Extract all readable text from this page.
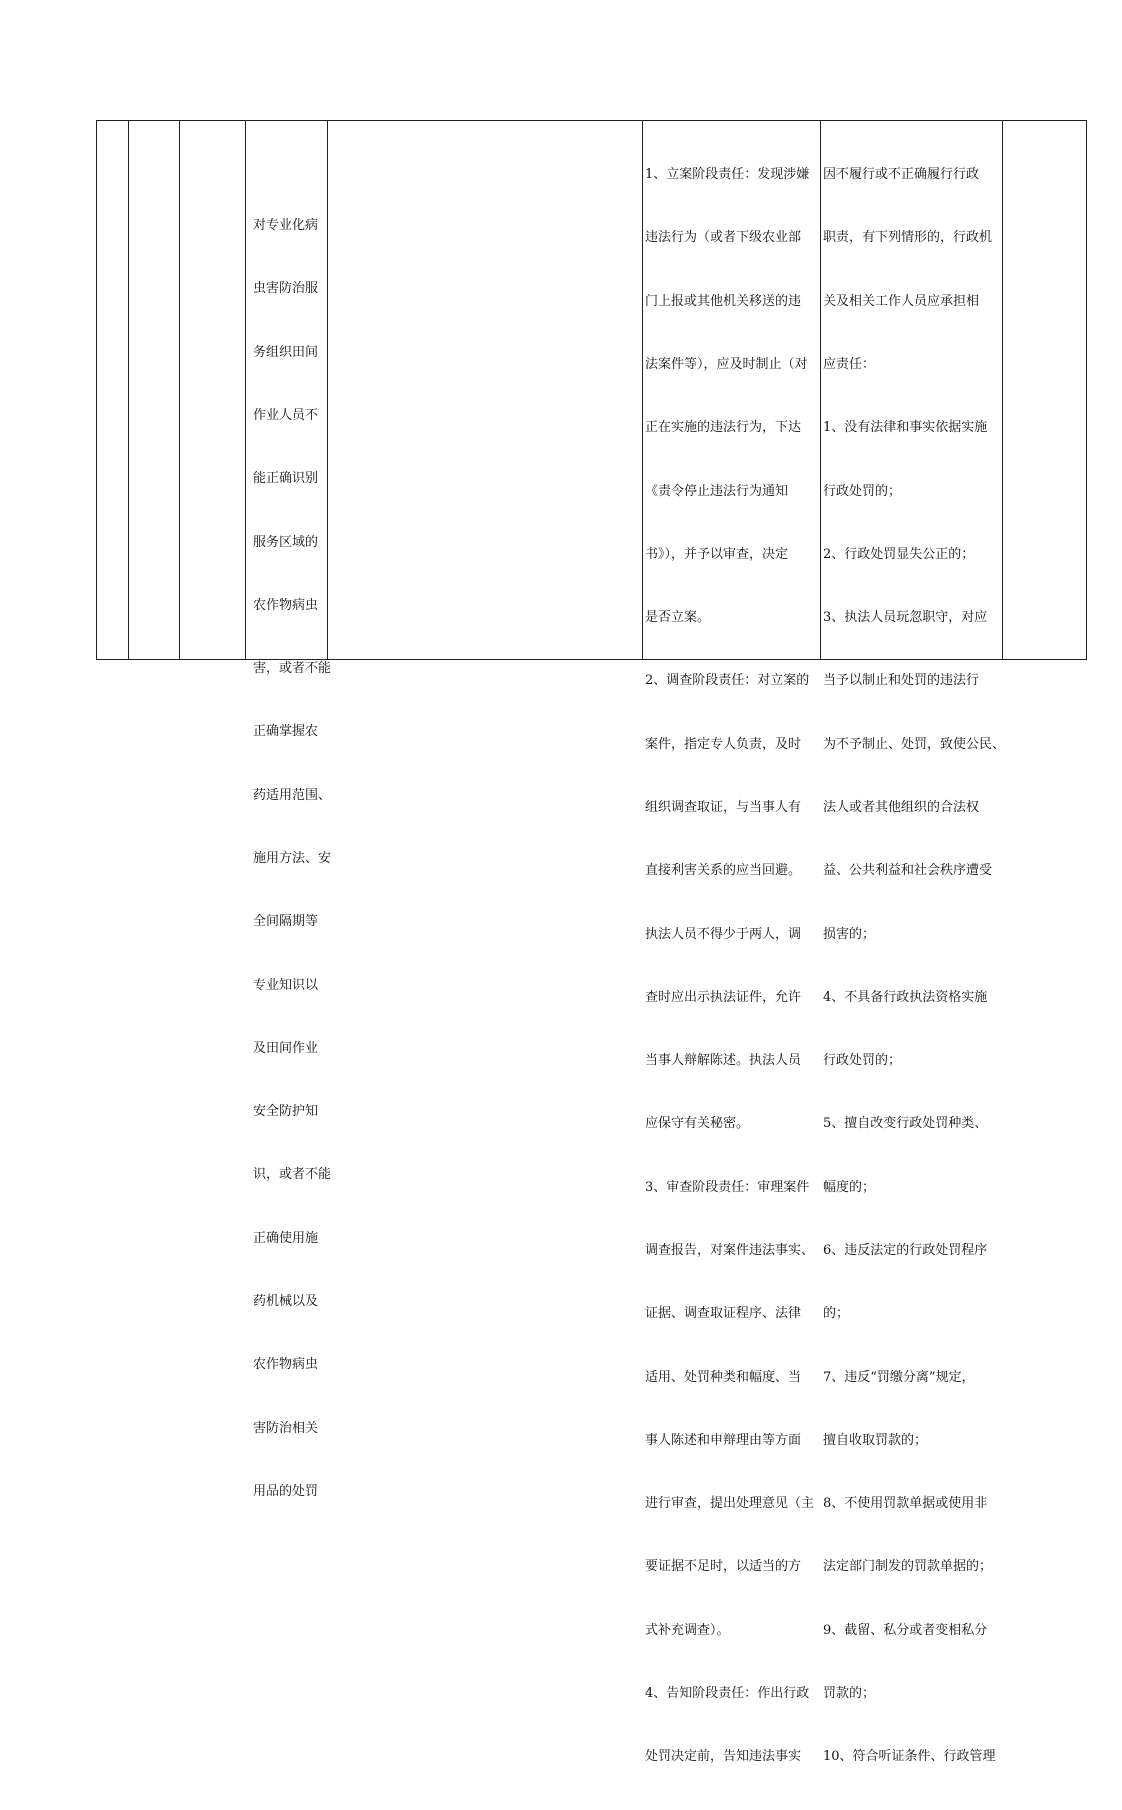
对专业化病

虫害防治服

务组织田间

作业人员不

能正确识别

服务区域的

农作物病虫

害，或者不能

正确掌握农

药适用范围、

施用方法、安

全间隔期等

专业知识以

及田间作业

安全防护知

识，或者不能

正确使用施

药机械以及

农作物病虫

害防治相关

用品的处罚

1、立案阶段责任：发现涉嫌

违法行为（或者下级农业部

门上报或其他机关移送的违

法案件等），应及时制止（对

正在实施的违法行为，下达

《责令停止违法行为通知

书》），并予以审查，决定

是否立案。

2、调查阶段责任：对立案的

案件，指定专人负责，及时

组织调查取证，与当事人有

直接利害关系的应当回避。

执法人员不得少于两人，调

查时应出示执法证件，允许

当事人辩解陈述。执法人员

应保守有关秘密。

3、审查阶段责任：审理案件

调查报告，对案件违法事实、

证据、调查取证程序、法律

适用、处罚种类和幅度、当

事人陈述和申辩理由等方面

进行审查，提出处理意见（主

要证据不足时，以适当的方

式补充调查）。

4、告知阶段责任：作出行政

处罚决定前，告知违法事实

因不履行或不正确履行行政

职责，有下列情形的，行政机

关及相关工作人员应承担相

应责任：

1、没有法律和事实依据实施

行政处罚的；

2、行政处罚显失公正的；

3、执法人员玩忽职守，对应

当予以制止和处罚的违法行

为不予制止、处罚，致使公民、

法人或者其他组织的合法权

益、公共利益和社会秩序遭受

损害的；

4、不具备行政执法资格实施

行政处罚的；

5、擅自改变行政处罚种类、

幅度的；

6、违反法定的行政处罚程序

的；

7、违反“罚缴分离”规定，

擅自收取罚款的；

8、不使用罚款单据或使用非

法定部门制发的罚款单据的；

9、截留、私分或者变相私分

罚款的；

10、符合听证条件、行政管理
